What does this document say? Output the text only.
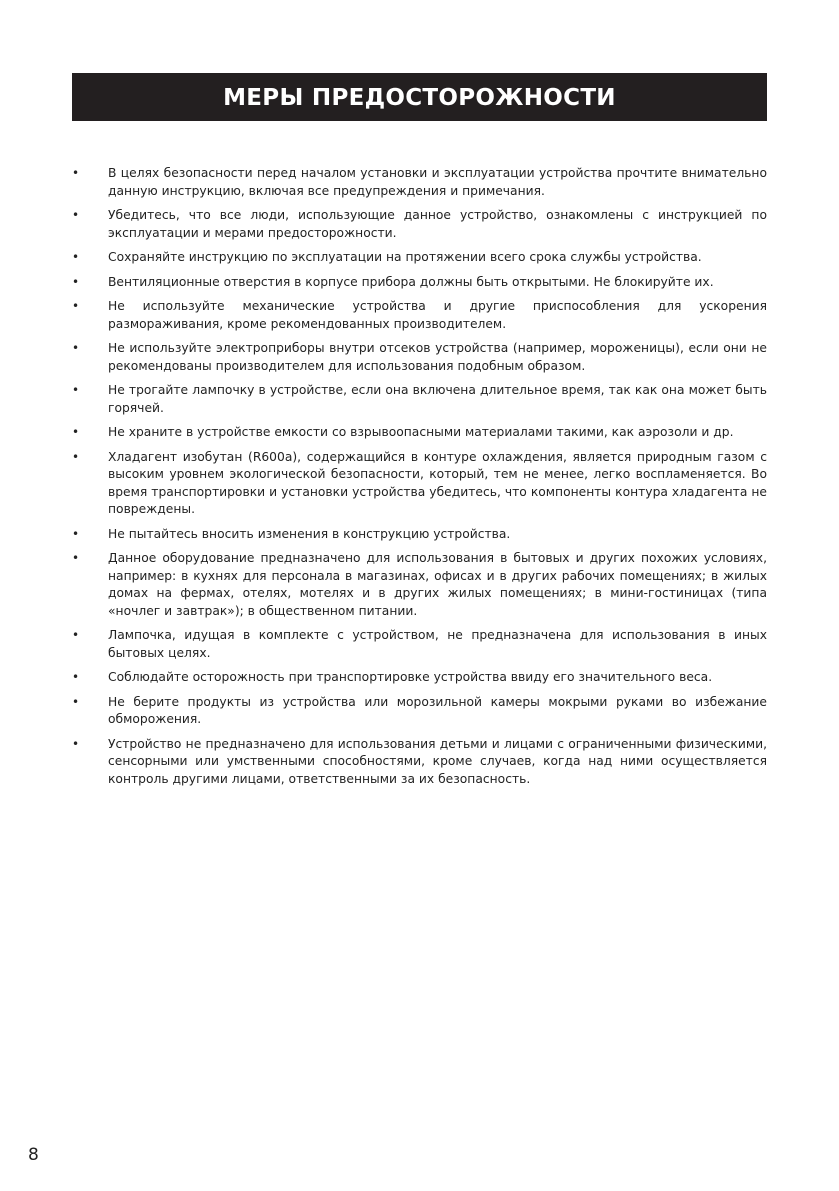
МЕРЫ ПРЕДОСТОРОЖНОСТИ
• В целях безопасности перед началом установки и эксплуатации устройства прочтите внимательно данную инструкцию, включая все предупреждения и примечания.
• Убедитесь, что все люди, использующие данное устройство, ознакомлены с инструкцией по эксплуатации и мерами предосторожности.
• Сохраняйте инструкцию по эксплуатации на протяжении всего срока службы устройства.
• Вентиляционные отверстия в корпусе прибора должны быть открытыми. Не блокируйте их.
• Не используйте механические устройства и другие приспособления для ускорения размораживания, кроме рекомендованных производителем.
• Не используйте электроприборы внутри отсеков устройства (например, мороженицы), если они не рекомендованы производителем для использования подобным образом.
• Не трогайте лампочку в устройстве, если она включена длительное время, так как она может быть горячей.
• Не храните в устройстве емкости со взрывоопасными материалами такими, как аэрозоли и др.
• Хладагент изобутан (R600a), содержащийся в контуре охлаждения, является природным газом с высоким уровнем экологической безопасности, который, тем не менее, легко воспламеняется. Во время транспортировки и установки устройства убедитесь, что компоненты контура хладагента не повреждены.
• Не пытайтесь вносить изменения в конструкцию устройства.
• Данное оборудование предназначено для использования в бытовых и других похожих условиях, например: в кухнях для персонала в магазинах, офисах и в других рабочих помещениях; в жилых домах на фермах, отелях, мотелях и в других жилых помещениях; в мини-гостиницах (типа «ночлег и завтрак»); в общественном питании.
• Лампочка, идущая в комплекте с устройством, не предназначена для использования в иных бытовых целях.
• Соблюдайте осторожность при транспортировке устройства ввиду его значительного веса.
• Не берите продукты из устройства или морозильной камеры мокрыми руками во избежание обморожения.
• Устройство не предназначено для использования детьми и лицами с ограниченными физическими, сенсорными или умственными способностями, кроме случаев, когда над ними осуществляется контроль другими лицами, ответственными за их безопасность.
8
